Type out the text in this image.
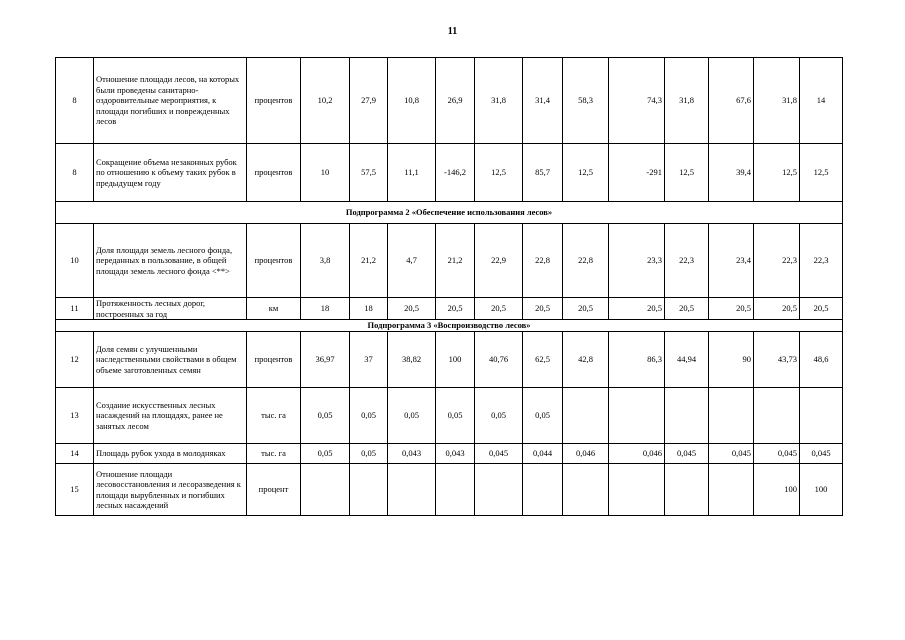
11
8	Отношение площади лесов, на которых были проведены санитарно-оздоровительные мероприятия, к площади погибших и поврежденных лесов	процентов	10,2	27,9	10,8	26,9	31,8	31,4	58,3	74,3	31,8	67,6	31,8	14
8	Сокращение объема незаконных рубок по отношению к объему таких рубок в предыдущем году	процентов	10	57,5	11,1	-146,2	12,5	85,7	12,5	-291	12,5	39,4	12,5	12,5
Подпрограмма 2 «Обеспечение использования лесов»														
10	Доля площади земель лесного фонда, переданных в пользование, в общей площади земель лесного фонда <**>	процентов	3,8	21,2	4,7	21,2	22,9	22,8	22,8	23,3	22,3	23,4	22,3	22,3
11	Протяженность лесных дорог, построенных за год	км	18	18	20,5	20,5	20,5	20,5	20,5	20,5	20,5	20,5	20,5	20,5
Подпрограмма 3 «Воспроизводство лесов»														
12	Доля семян с улучшенными наследственными свойствами в общем объеме заготовленных семян	процентов	36,97	37	38,82	100	40,76	62,5	42,8	86,3	44,94	90	43,73	48,6
13	Создание искусственных лесных насаждений на площадях, ранее не занятых лесом	тыс. га	0,05	0,05	0,05	0,05	0,05	0,05						
14	Площадь рубок ухода в молодняках	тыс. га	0,05	0,05	0,043	0,043	0,045	0,044	0,046	0,046	0,045	0,045	0,045	0,045
15	Отношение площади лесовосстановления и лесоразведения к площади вырубленных и погибших лесных насаждений	процент											100	100
